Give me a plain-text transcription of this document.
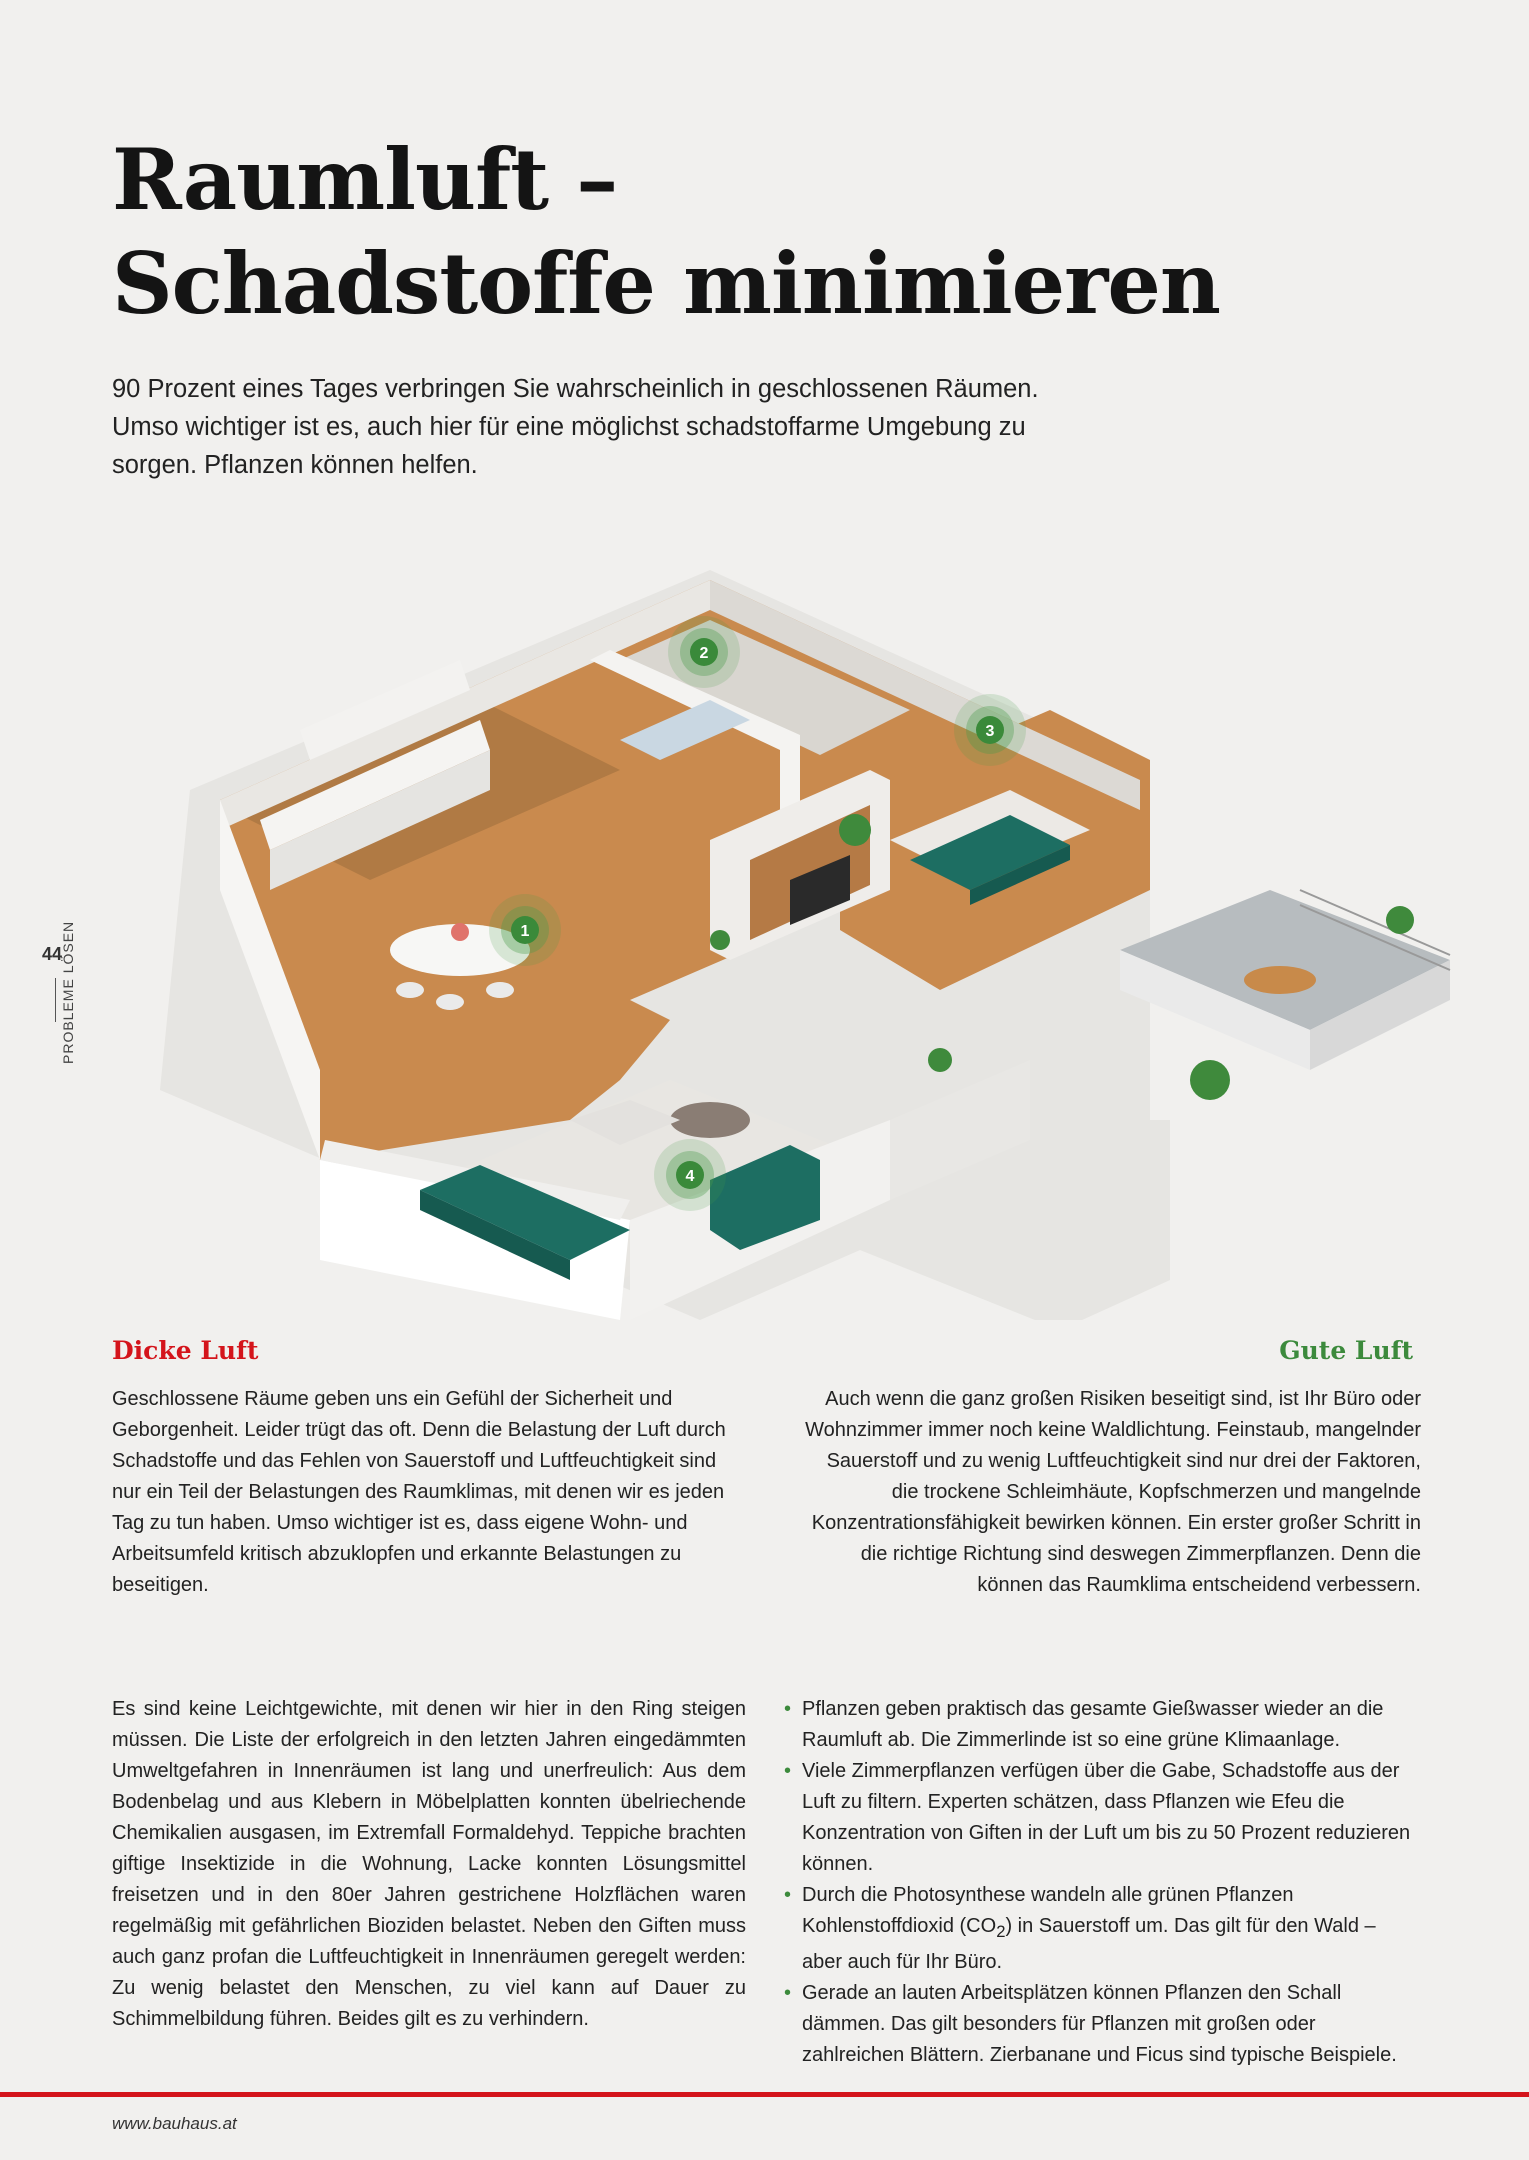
Raumluft –
Schadstoffe minimieren

90 Prozent eines Tages verbringen Sie wahrscheinlich in geschlossenen Räumen. Umso wichtiger ist es, auch hier für eine möglichst schadstoffarme Umgebung zu sorgen. Pflanzen können helfen.

44
PROBLEME LÖSEN	1
2
3
4
Dicke Luft	Gute Luft

Geschlossene Räume geben uns ein Gefühl der Sicherheit und Geborgenheit. Leider trügt das oft. Denn die Belastung der Luft durch Schadstoffe und das Fehlen von Sauerstoff und Luftfeuchtigkeit sind nur ein Teil der Belastungen des Raumklimas, mit denen wir es jeden Tag zu tun haben. Umso wichtiger ist es, dass eigene Wohn- und Arbeitsumfeld kritisch abzuklopfen und erkannte Belastungen zu beseitigen.

Auch wenn die ganz großen Risiken beseitigt sind, ist Ihr Büro oder Wohnzimmer immer noch keine Waldlichtung. Feinstaub, mangelnder Sauerstoff und zu wenig Luftfeuchtigkeit sind nur drei der Faktoren, die trockene Schleimhäute, Kopfschmerzen und mangelnde Konzentrationsfähigkeit bewirken können. Ein erster großer Schritt in die richtige Richtung sind deswegen Zimmerpflanzen. Denn die können das Raumklima entscheidend verbessern.

Es sind keine Leichtgewichte, mit denen wir hier in den Ring steigen müssen. Die Liste der erfolgreich in den letzten Jahren eingedämmten Umweltgefahren in Innenräumen ist lang und unerfreulich: Aus dem Bodenbelag und aus Klebern in Möbelplatten konnten übelriechende Chemikalien ausgasen, im Extremfall Formaldehyd. Teppiche brachten giftige Insektizide in die Wohnung, Lacke konnten Lösungsmittel freisetzen und in den 80er Jahren gestrichene Holzflächen waren regelmäßig mit gefährlichen Bioziden belastet. Neben den Giften muss auch ganz profan die Luftfeuchtigkeit in Innenräumen geregelt werden: Zu wenig belastet den Menschen, zu viel kann auf Dauer zu Schimmelbildung führen. Beides gilt es zu verhindern.

• Pflanzen geben praktisch das gesamte Gießwasser wieder an die Raumluft ab. Die Zimmerlinde ist so eine grüne Klimaanlage.
• Viele Zimmerpflanzen verfügen über die Gabe, Schadstoffe aus der Luft zu filtern. Experten schätzen, dass Pflanzen wie Efeu die Konzentration von Giften in der Luft um bis zu 50 Prozent reduzieren können.
• Durch die Photosynthese wandeln alle grünen Pflanzen Kohlenstoffdioxid $(CO_2)$ in Sauerstoff um. Das gilt für den Wald – aber auch für Ihr Büro.
• Gerade an lauten Arbeitsplätzen können Pflanzen den Schall dämmen. Das gilt besonders für Pflanzen mit großen oder zahlreichen Blättern. Zierbanane und Ficus sind typische Beispiele.
www.bauhaus.at
